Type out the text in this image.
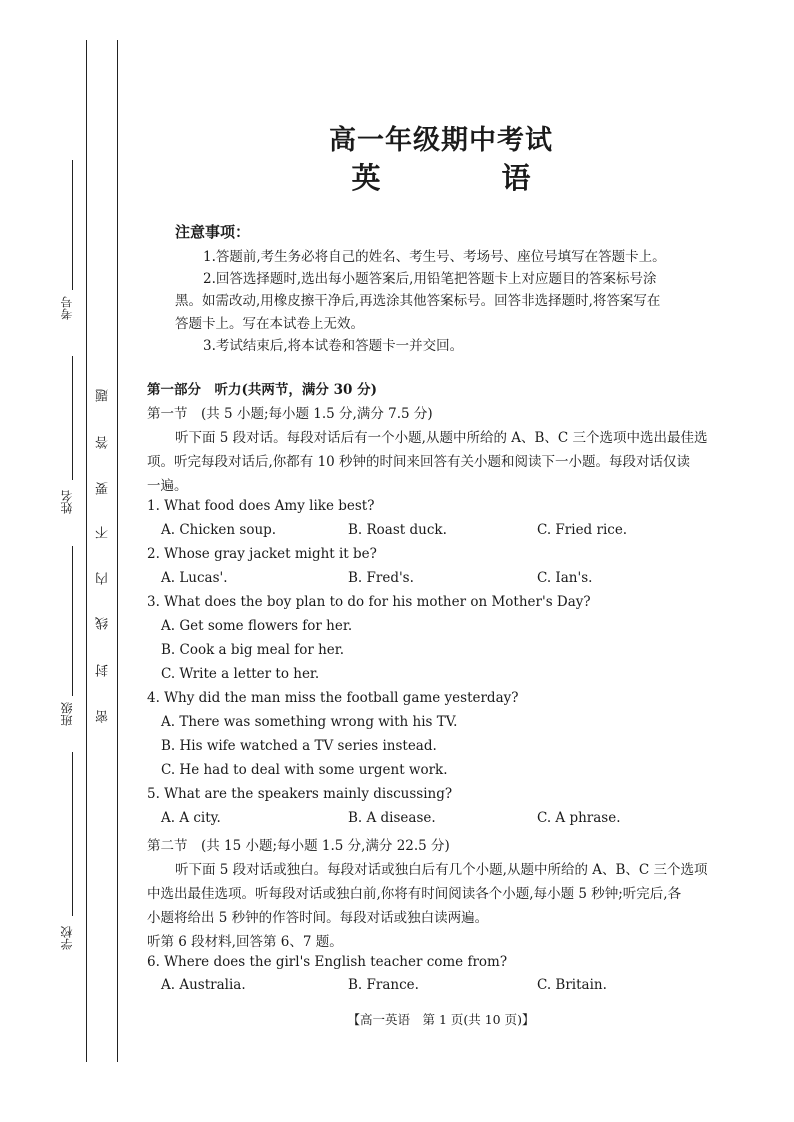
考号
姓名
班级
学校
题
答
要
不
内
线
封
密
高一年级期中考试
英　语
注意事项：
1.答题前,考生务必将自己的姓名、考生号、考场号、座位号填写在答题卡上。
2.回答选择题时,选出每小题答案后,用铅笔把答题卡上对应题目的答案标号涂
黑。如需改动,用橡皮擦干净后,再选涂其他答案标号。回答非选择题时,将答案写在
答题卡上。写在本试卷上无效。
3.考试结束后,将本试卷和答题卡一并交回。
第一部分　听力(共两节，满分 30 分)
第一节　(共 5 小题;每小题 1.5 分,满分 7.5 分)
听下面 5 段对话。每段对话后有一个小题,从题中所给的 A、B、C 三个选项中选出最佳选
项。听完每段对话后,你都有 10 秒钟的时间来回答有关小题和阅读下一小题。每段对话仅读
一遍。
1. What food does Amy like best?
A. Chicken soup.	B. Roast duck.	C. Fried rice.
2. Whose gray jacket might it be?
A. Lucas'.	B. Fred's.	C. Ian's.
3. What does the boy plan to do for his mother on Mother's Day?
A. Get some flowers for her.
B. Cook a big meal for her.
C. Write a letter to her.
4. Why did the man miss the football game yesterday?
A. There was something wrong with his TV.
B. His wife watched a TV series instead.
C. He had to deal with some urgent work.
5. What are the speakers mainly discussing?
A. A city.	B. A disease.	C. A phrase.
第二节　(共 15 小题;每小题 1.5 分,满分 22.5 分)
听下面 5 段对话或独白。每段对话或独白后有几个小题,从题中所给的 A、B、C 三个选项
中选出最佳选项。听每段对话或独白前,你将有时间阅读各个小题,每小题 5 秒钟;听完后,各
小题将给出 5 秒钟的作答时间。每段对话或独白读两遍。
听第 6 段材料,回答第 6、7 题。
6. Where does the girl's English teacher come from?
A. Australia.	B. France.	C. Britain.
【高一英语　第 1 页(共 10 页)】
